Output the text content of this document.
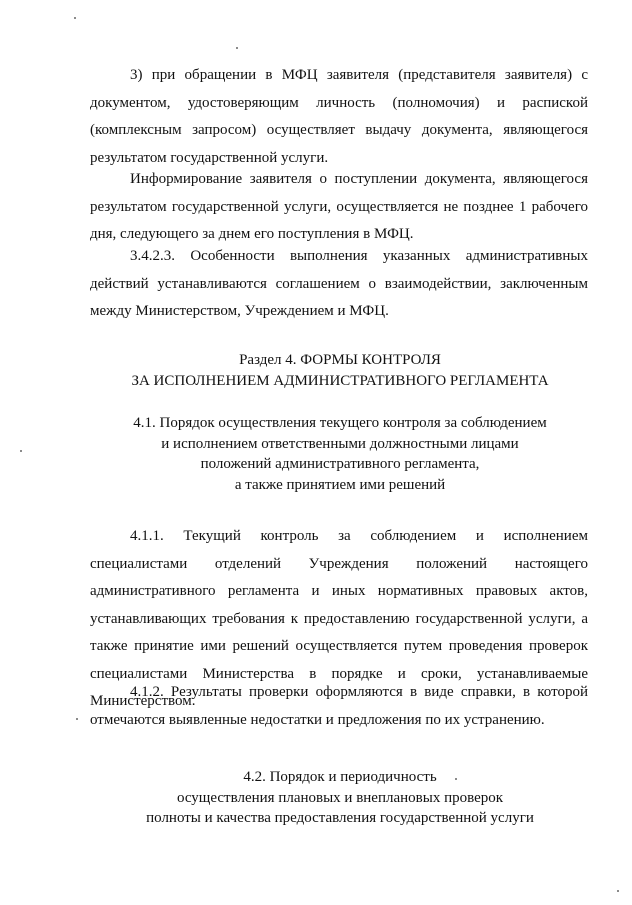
3) при обращении в МФЦ заявителя (представителя заявителя) с документом, удостоверяющим личность (полномочия) и распиской (комплексным запросом) осуществляет выдачу документа, являющегося результатом государственной услуги.

Информирование заявителя о поступлении документа, являющегося результатом государственной услуги, осуществляется не позднее 1 рабочего дня, следующего за днем его поступления в МФЦ.

3.4.2.3. Особенности выполнения указанных административных действий устанавливаются соглашением о взаимодействии, заключенным между Министерством, Учреждением и МФЦ.

Раздел 4. ФОРМЫ КОНТРОЛЯ
ЗА ИСПОЛНЕНИЕМ АДМИНИСТРАТИВНОГО РЕГЛАМЕНТА
4.1. Порядок осуществления текущего контроля за соблюдением
и исполнением ответственными должностными лицами
положений административного регламента,
а также принятием ими решений

4.1.1. Текущий контроль за соблюдением и исполнением специалистами отделений Учреждения положений настоящего административного регламента и иных нормативных правовых актов, устанавливающих требования к предоставлению государственной услуги, а также принятие ими решений осуществляется путем проведения проверок специалистами Министерства в порядке и сроки, устанавливаемые Министерством.

4.1.2. Результаты проверки оформляются в виде справки, в которой отмечаются выявленные недостатки и предложения по их устранению.

4.2. Порядок и периодичность
осуществления плановых и внеплановых проверок
полноты и качества предоставления государственной услуги
